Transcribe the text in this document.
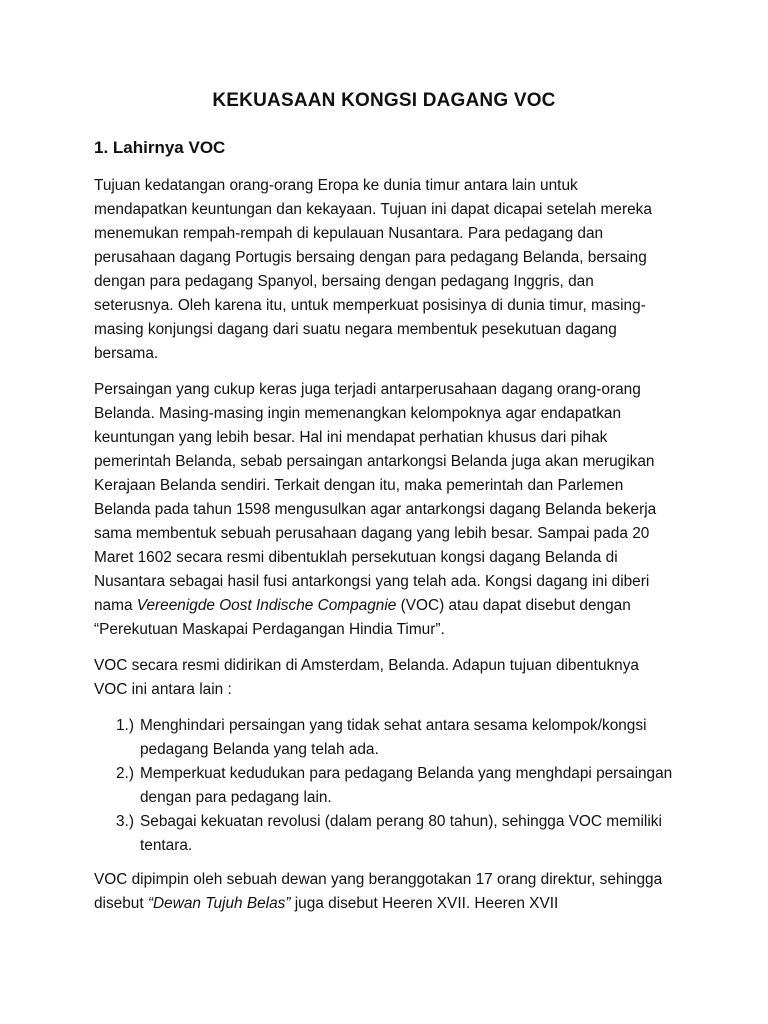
KEKUASAAN KONGSI DAGANG VOC
1. Lahirnya VOC

Tujuan kedatangan orang-orang Eropa ke dunia timur antara lain untuk mendapatkan keuntungan dan kekayaan. Tujuan ini dapat dicapai setelah mereka menemukan rempah-rempah di kepulauan Nusantara. Para pedagang dan perusahaan dagang Portugis bersaing dengan para pedagang Belanda, bersaing dengan para pedagang Spanyol, bersaing dengan pedagang Inggris, dan seterusnya. Oleh karena itu, untuk memperkuat posisinya di dunia timur, masing-masing konjungsi dagang dari suatu negara membentuk pesekutuan dagang bersama.

Persaingan yang cukup keras juga terjadi antarperusahaan dagang orang-orang Belanda. Masing-masing ingin memenangkan kelompoknya agar endapatkan keuntungan yang lebih besar. Hal ini mendapat perhatian khusus dari pihak pemerintah Belanda, sebab persaingan antarkongsi Belanda juga akan merugikan Kerajaan Belanda sendiri. Terkait dengan itu, maka pemerintah dan Parlemen Belanda pada tahun 1598 mengusulkan agar antarkongsi dagang Belanda bekerja sama membentuk sebuah perusahaan dagang yang lebih besar. Sampai pada 20 Maret 1602 secara resmi dibentuklah persekutuan kongsi dagang Belanda di Nusantara sebagai hasil fusi antarkongsi yang telah ada. Kongsi dagang ini diberi nama Vereenigde Oost Indische Compagnie (VOC) atau dapat disebut dengan “Perekutuan Maskapai Perdagangan Hindia Timur”.

VOC secara resmi didirikan di Amsterdam, Belanda. Adapun tujuan dibentuknya VOC ini antara lain :

1.) Menghindari persaingan yang tidak sehat antara sesama kelompok/kongsi pedagang Belanda yang telah ada.
2.) Memperkuat kedudukan para pedagang Belanda yang menghdapi persaingan dengan para pedagang lain.
3.) Sebagai kekuatan revolusi (dalam perang 80 tahun), sehingga VOC memiliki tentara.

VOC dipimpin oleh sebuah dewan yang beranggotakan 17 orang direktur, sehingga disebut “Dewan Tujuh Belas” juga disebut Heeren XVII. Heeren XVII
